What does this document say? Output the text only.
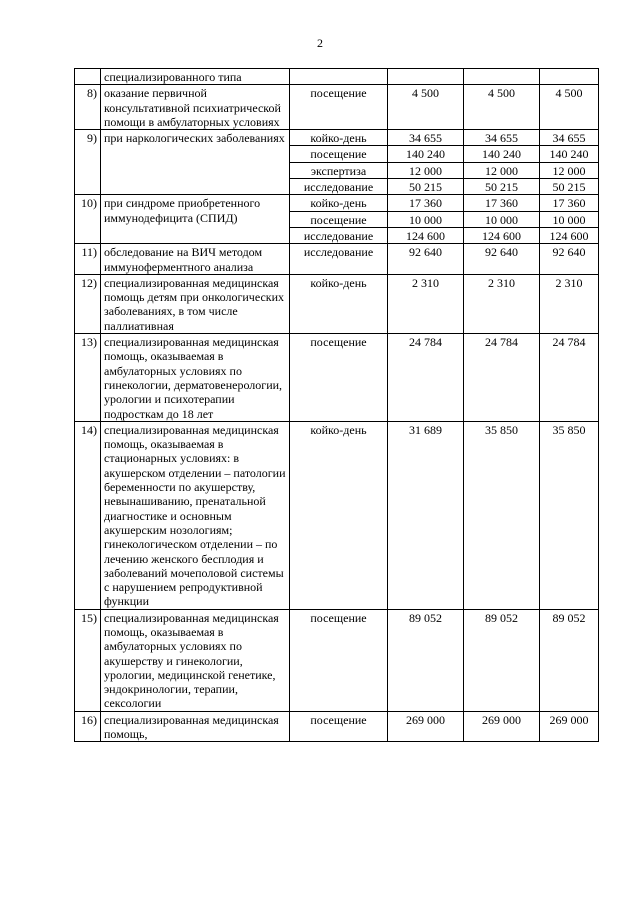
2
	специализированного типа				
8)	оказание первичной консультативной психиатрической помощи в амбулаторных условиях	посещение	4 500	4 500	4 500
9)	при наркологических заболеваниях	койко-день	34 655	34 655	34 655
		посещение	140 240	140 240	140 240
		экспертиза	12 000	12 000	12 000
		исследование	50 215	50 215	50 215
10)	при синдроме приобретенного иммунодефицита (СПИД)	койко-день	17 360	17 360	17 360
		посещение	10 000	10 000	10 000
		исследование	124 600	124 600	124 600
11)	обследование на ВИЧ методом иммуноферментного анализа	исследование	92 640	92 640	92 640
12)	специализированная медицинская помощь детям при онкологических заболеваниях, в том числе паллиативная	койко-день	2 310	2 310	2 310
13)	специализированная медицинская помощь, оказываемая в амбулаторных условиях по гинекологии, дерматовенерологии, урологии и психотерапии подросткам до 18 лет	посещение	24 784	24 784	24 784
14)	специализированная медицинская помощь, оказываемая в стационарных условиях: в акушерском отделении – патологии беременности по акушерству, невынашиванию, пренатальной диагностике и основным акушерским нозологиям; гинекологическом отделении – по лечению женского бесплодия и заболеваний мочеполовой системы с нарушением репродуктивной функции	койко-день	31 689	35 850	35 850
15)	специализированная медицинская помощь, оказываемая в амбулаторных условиях по акушерству и гинекологии, урологии, медицинской генетике, эндокринологии, терапии, сексологии	посещение	89 052	89 052	89 052
16)	специализированная медицинская помощь,	посещение	269 000	269 000	269 000
